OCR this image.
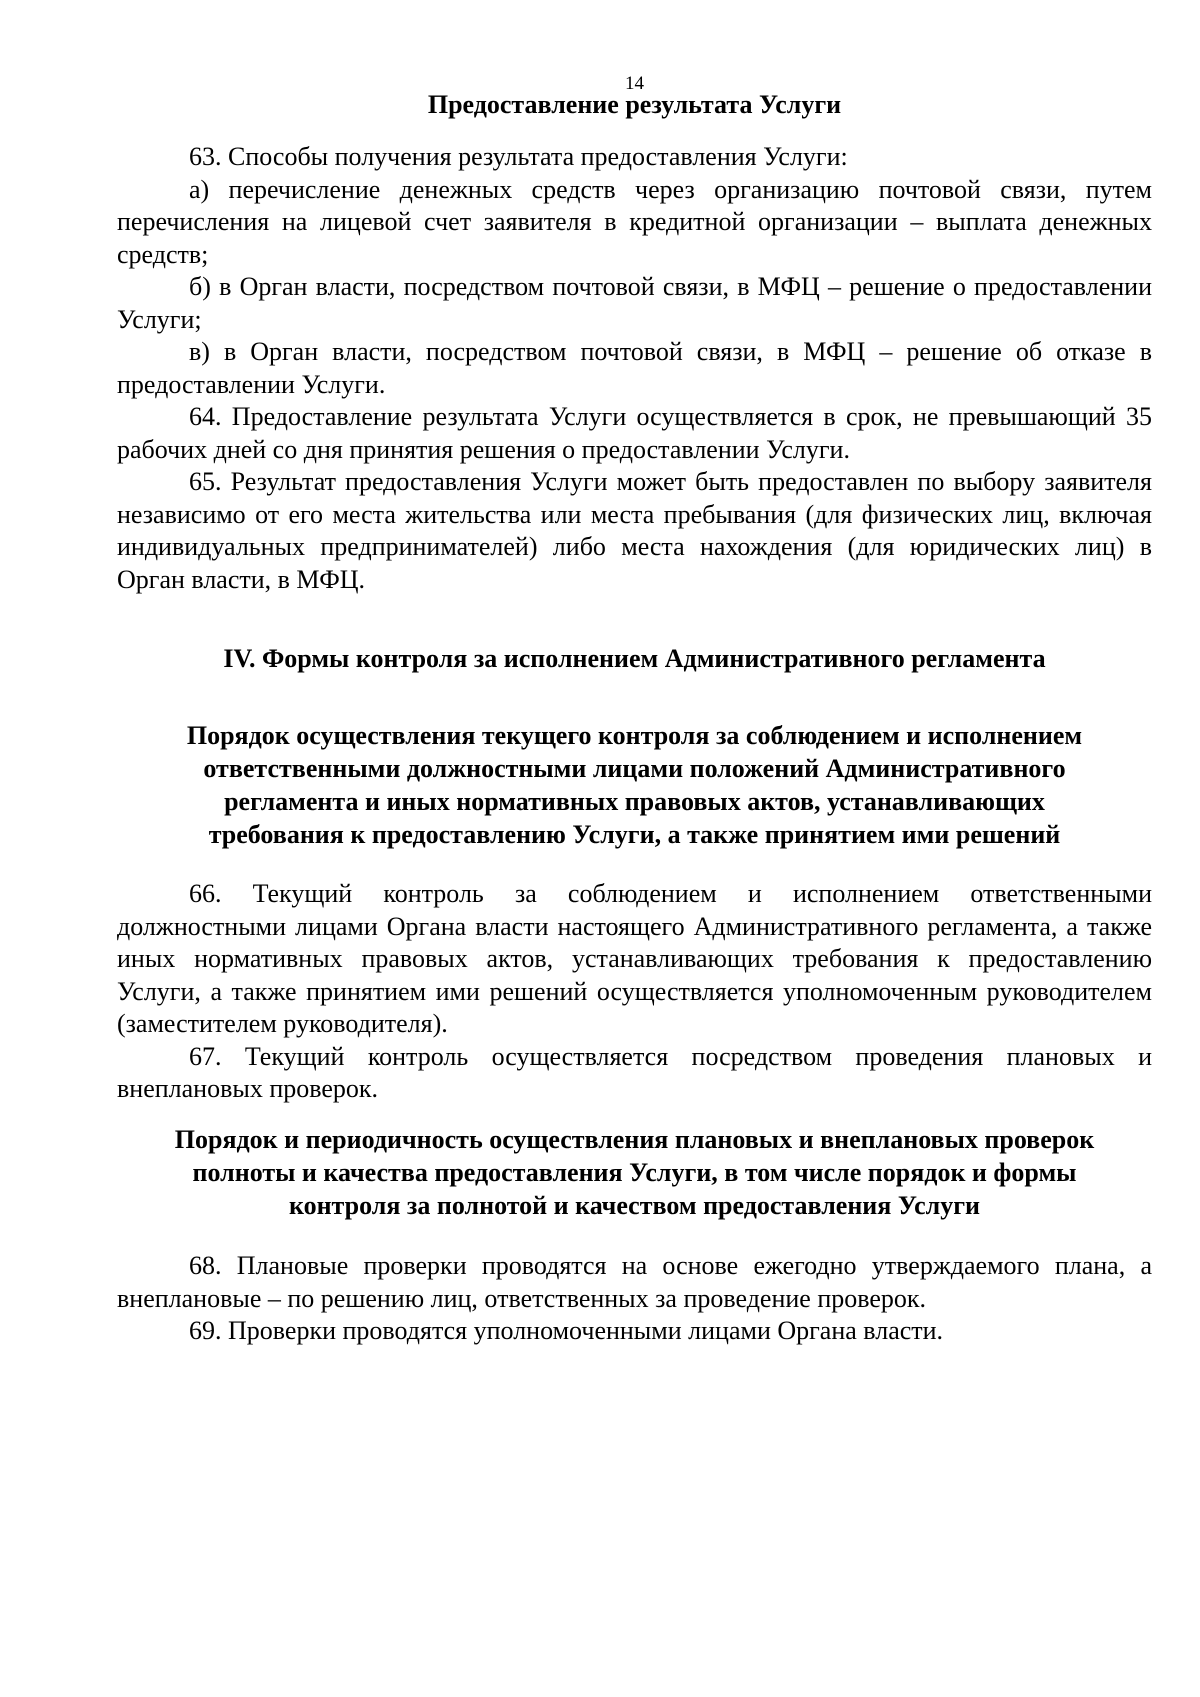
14
Предоставление результата Услуги

63. Способы получения результата предоставления Услуги:

а) перечисление денежных средств через организацию почтовой связи, путем перечисления на лицевой счет заявителя в кредитной организации – выплата денежных средств;

б) в Орган власти, посредством почтовой связи, в МФЦ – решение о предоставлении Услуги;

в) в Орган власти, посредством почтовой связи, в МФЦ – решение об отказе в предоставлении Услуги.

64. Предоставление результата Услуги осуществляется в срок, не превышающий 35 рабочих дней со дня принятия решения о предоставлении Услуги.

65. Результат предоставления Услуги может быть предоставлен по выбору заявителя независимо от его места жительства или места пребывания (для физических лиц, включая индивидуальных предпринимателей) либо места нахождения (для юридических лиц) в Орган власти, в МФЦ.

IV. Формы контроля за исполнением Административного регламента
Порядок осуществления текущего контроля за соблюдением и исполнением
ответственными должностными лицами положений Административного
регламента и иных нормативных правовых актов, устанавливающих
требования к предоставлению Услуги, а также принятием ими решений

66. Текущий контроль за соблюдением и исполнением ответственными должностными лицами Органа власти настоящего Административного регламента, а также иных нормативных правовых актов, устанавливающих требования к предоставлению Услуги, а также принятием ими решений осуществляется уполномоченным руководителем (заместителем руководителя).

67. Текущий контроль осуществляется посредством проведения плановых и внеплановых проверок.

Порядок и периодичность осуществления плановых и внеплановых проверок
полноты и качества предоставления Услуги, в том числе порядок и формы
контроля за полнотой и качеством предоставления Услуги

68. Плановые проверки проводятся на основе ежегодно утверждаемого плана, а внеплановые – по решению лиц, ответственных за проведение проверок.

69. Проверки проводятся уполномоченными лицами Органа власти.
